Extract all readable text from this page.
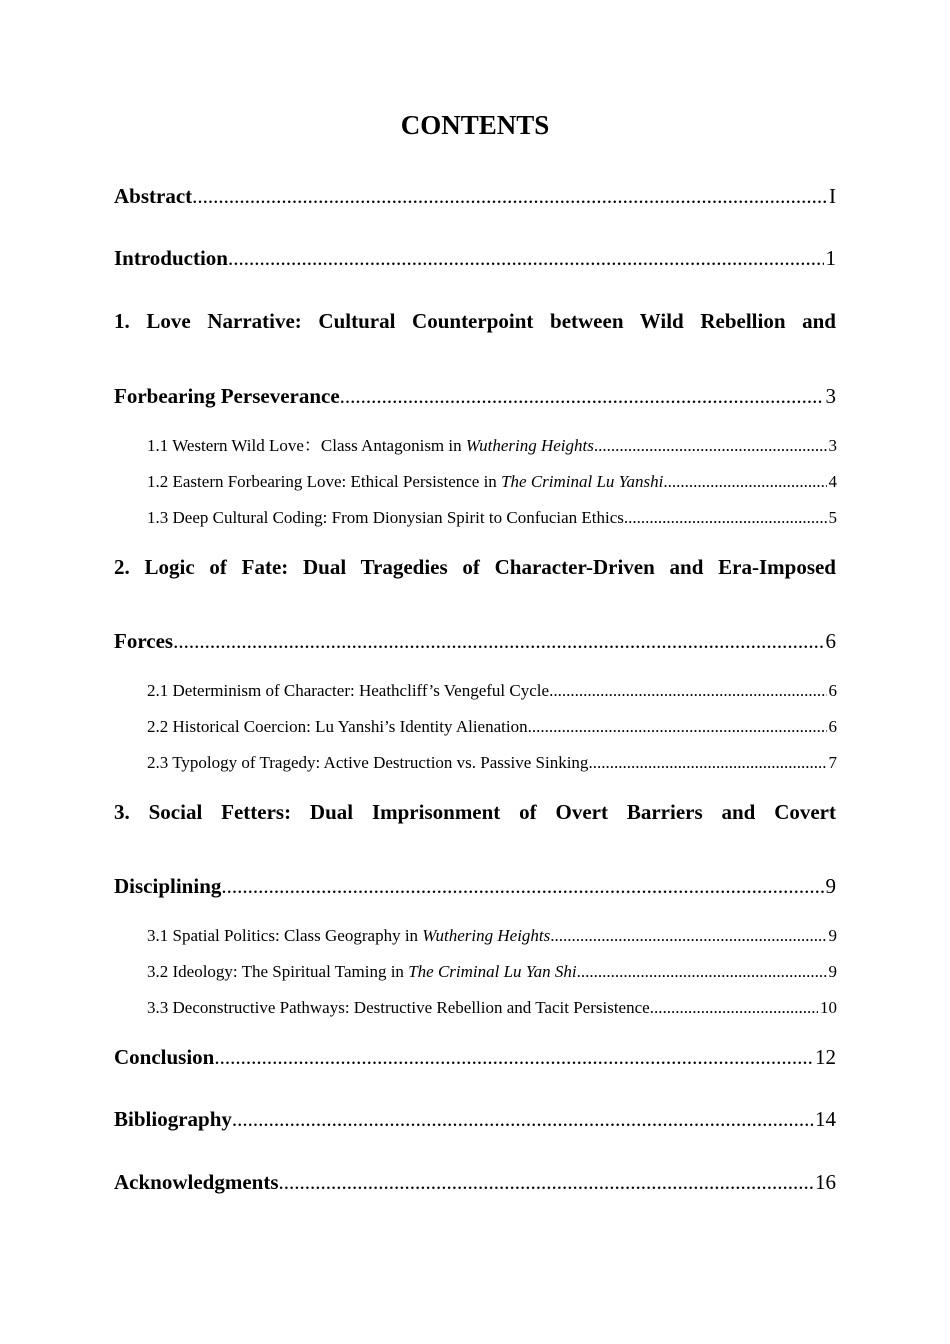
CONTENTS
Abstract .....	I
Introduction .....	1
1. Love Narrative: Cultural Counterpoint between Wild Rebellion and
Forbearing Perseverance .....	3
1.1 Western Wild Love：Class Antagonism in Wuthering Heights .....	3
1.2 Eastern Forbearing Love: Ethical Persistence in The Criminal Lu Yanshi .....	4
1.3 Deep Cultural Coding: From Dionysian Spirit to Confucian Ethics .....	5
2. Logic of Fate: Dual Tragedies of Character-Driven and Era-Imposed
Forces .....	6
2.1 Determinism of Character: Heathcliff’s Vengeful Cycle .....	6
2.2 Historical Coercion: Lu Yanshi’s Identity Alienation .....	6
2.3 Typology of Tragedy: Active Destruction vs. Passive Sinking .....	7
3. Social Fetters: Dual Imprisonment of Overt Barriers and Covert
Disciplining .....	9
3.1 Spatial Politics: Class Geography in Wuthering Heights .....	9
3.2 Ideology: The Spiritual Taming in The Criminal Lu Yan Shi .....	9
3.3 Deconstructive Pathways: Destructive Rebellion and Tacit Persistence .....	10
Conclusion .....	12
Bibliography .....	14
Acknowledgments .....	16
